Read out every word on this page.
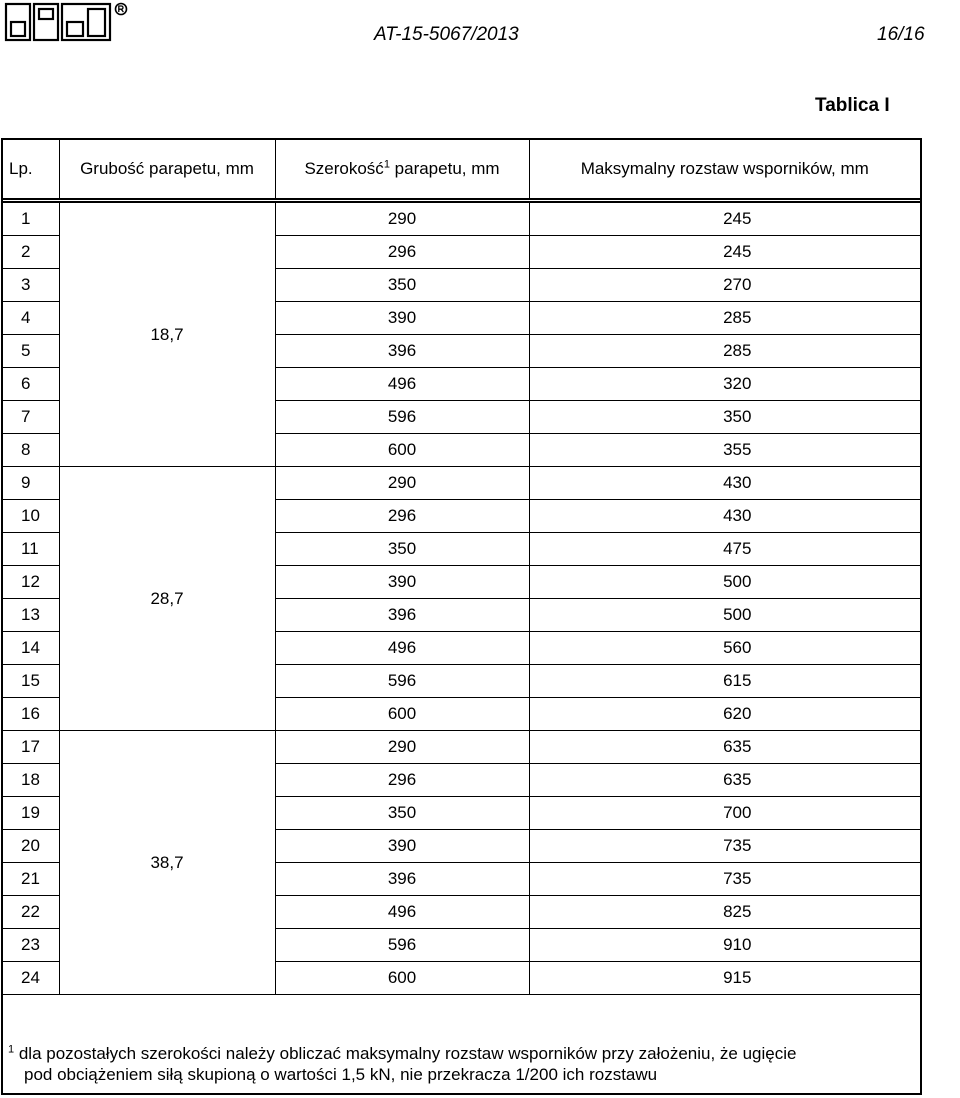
AT-15-5067/2013	16/16
Tablica I
Lp.	Grubość parapetu, mm	Szerokość$^1$ parapetu, mm	Maksymalny rozstaw wsporników, mm

1	18,7	290	245
2		296	245
3		350	270
4		390	285
5		396	285
6		496	320
7		596	350
8		600	355
9	28,7	290	430
10		296	430
11		350	475
12		390	500
13		396	500
14		496	560
15		596	615
16		600	620
17	38,7	290	635
18		296	635
19		350	700
20		390	735
21		396	735
22		496	825
23		596	910
24		600	915
$^1$ dla pozostałych szerokości należy obliczać maksymalny rozstaw wsporników przy założeniu, że ugięcie
pod obciążeniem siłą skupioną o wartości 1,5 kN, nie przekracza 1/200 ich rozstawu
